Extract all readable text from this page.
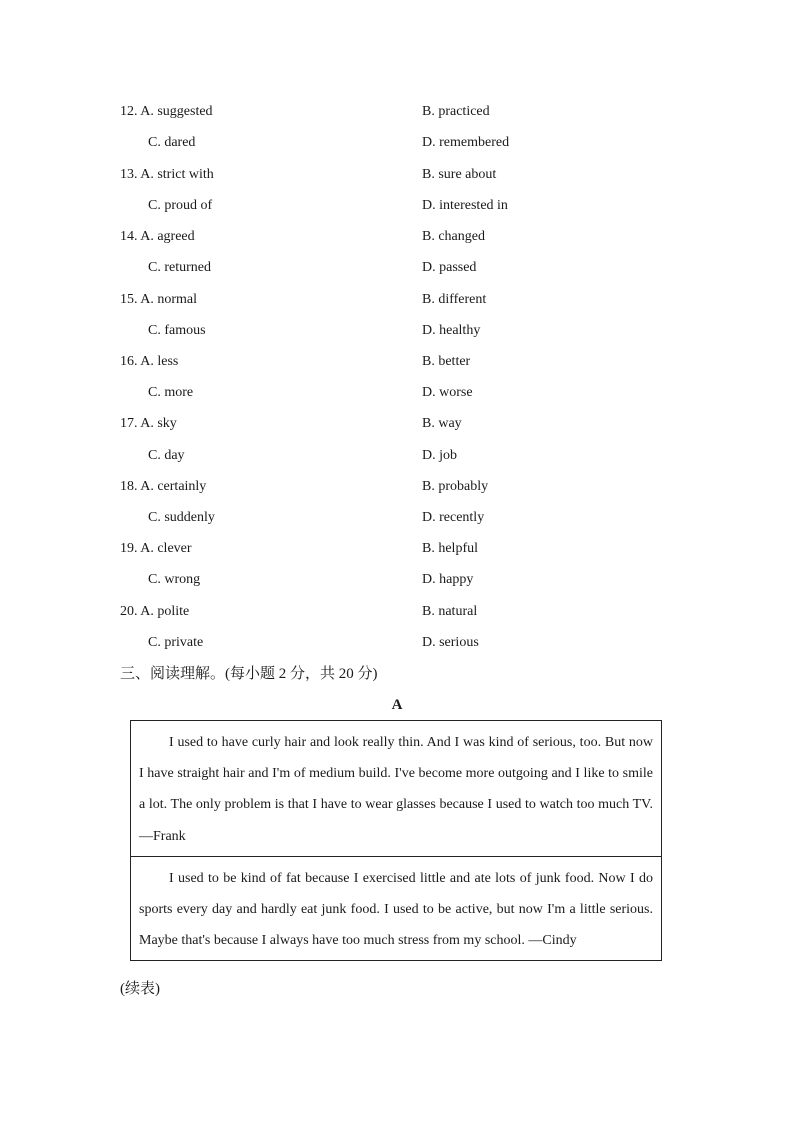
12. A. suggested	B. practiced
C. dared	D. remembered
13. A. strict with	B. sure about
C. proud of	D. interested in
14. A. agreed	B. changed
C. returned	D. passed
15. A. normal	B. different
C. famous	D. healthy
16. A. less	B. better
C. more	D. worse
17. A. sky	B. way
C. day	D. job
18. A. certainly	B. probably
C. suddenly	D. recently
19. A. clever	B. helpful
C. wrong	D. happy
20. A. polite	B. natural
C. private	D. serious
三、阅读理解。(每小题 2 分，共 20 分)
A
I used to have curly hair and look really thin. And I was kind of serious, too. But now I have straight hair and I'm of medium build. I've become more outgoing and I like to smile a lot. The only problem is that I have to wear glasses because I used to watch too much TV. —Frank
I used to be kind of fat because I exercised little and ate lots of junk food. Now I do sports every day and hardly eat junk food. I used to be active, but now I'm a little serious. Maybe that's because I always have too much stress from my school. —Cindy
(续表)
